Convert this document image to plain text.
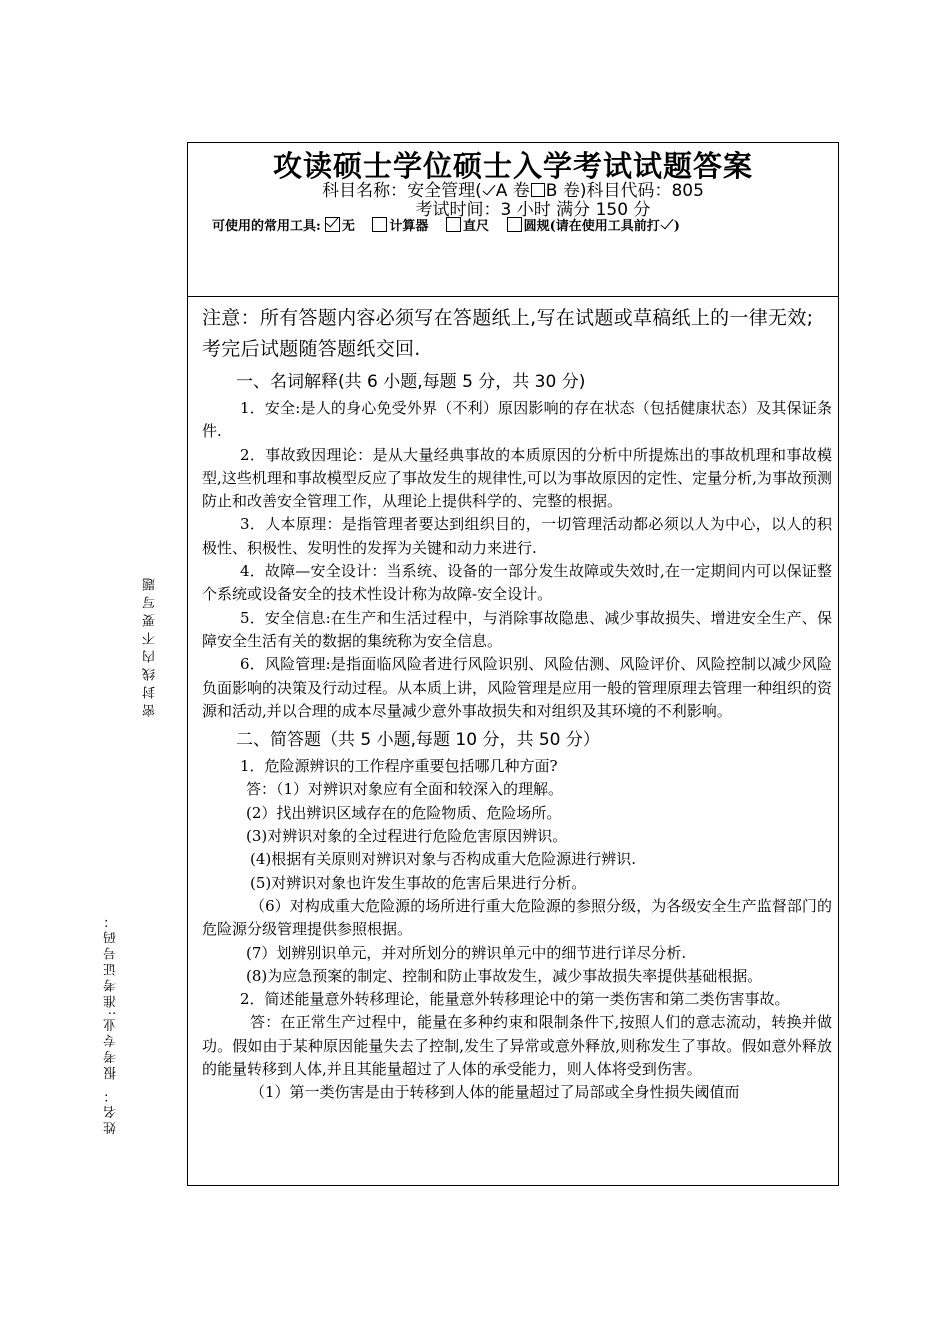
密封线内不要写题
姓名： 报考专业:准考证号码：
攻读硕士学位硕士入学考试试题答案
科目名称：安全管理( A 卷 B 卷)科目代码：805
考试时间：3 小时 满分 150 分
可使用的常用工具: 无	计算器	直尺	圆规(请在使用工具前打 )

注意：所有答题内容必须写在答题纸上,写在试题或草稿纸上的一律无效;考完后试题随答题纸交回.

一、名词解释(共 6 小题,每题 5 分，共 30 分)

1．安全:是人的身心免受外界（不利）原因影响的存在状态（包括健康状态）及其保证条件.

2．事故致因理论：是从大量经典事故的本质原因的分析中所提炼出的事故机理和事故模型,这些机理和事故模型反应了事故发生的规律性,可以为事故原因的定性、定量分析,为事故预测防止和改善安全管理工作，从理论上提供科学的、完整的根据。

3．人本原理：是指管理者要达到组织目的，一切管理活动都必须以人为中心，以人的积极性、积极性、发明性的发挥为关键和动力来进行.

4．故障—安全设计：当系统、设备的一部分发生故障或失效时,在一定期间内可以保证整个系统或设备安全的技术性设计称为故障-安全设计。

5．安全信息:在生产和生活过程中，与消除事故隐患、减少事故损失、增进安全生产、保障安全生活有关的数据的集统称为安全信息。

6．风险管理:是指面临风险者进行风险识别、风险估测、风险评价、风险控制以减少风险负面影响的决策及行动过程。从本质上讲，风险管理是应用一般的管理原理去管理一种组织的资源和活动,并以合理的成本尽量减少意外事故损失和对组织及其环境的不利影响。

二、简答题（共 5 小题,每题 10 分，共 50 分）

1．危险源辨识的工作程序重要包括哪几种方面?

答：（1）对辨识对象应有全面和较深入的理解。

(2）找出辨识区域存在的危险物质、危险场所。

(3)对辨识对象的全过程进行危险危害原因辨识。

(4)根据有关原则对辨识对象与否构成重大危险源进行辨识.

(5)对辨识对象也许发生事故的危害后果进行分析。

（6）对构成重大危险源的场所进行重大危险源的参照分级，为各级安全生产监督部门的危险源分级管理提供参照根据。

(7）划辨别识单元，并对所划分的辨识单元中的细节进行详尽分析.

(8)为应急预案的制定、控制和防止事故发生，减少事故损失率提供基础根据。

2．简述能量意外转移理论，能量意外转移理论中的第一类伤害和第二类伤害事故。

答：在正常生产过程中，能量在多种约束和限制条件下,按照人们的意志流动，转换并做功。假如由于某种原因能量失去了控制,发生了异常或意外释放,则称发生了事故。假如意外释放的能量转移到人体,并且其能量超过了人体的承受能力，则人体将受到伤害。

（1）第一类伤害是由于转移到人体的能量超过了局部或全身性损失阈值而
